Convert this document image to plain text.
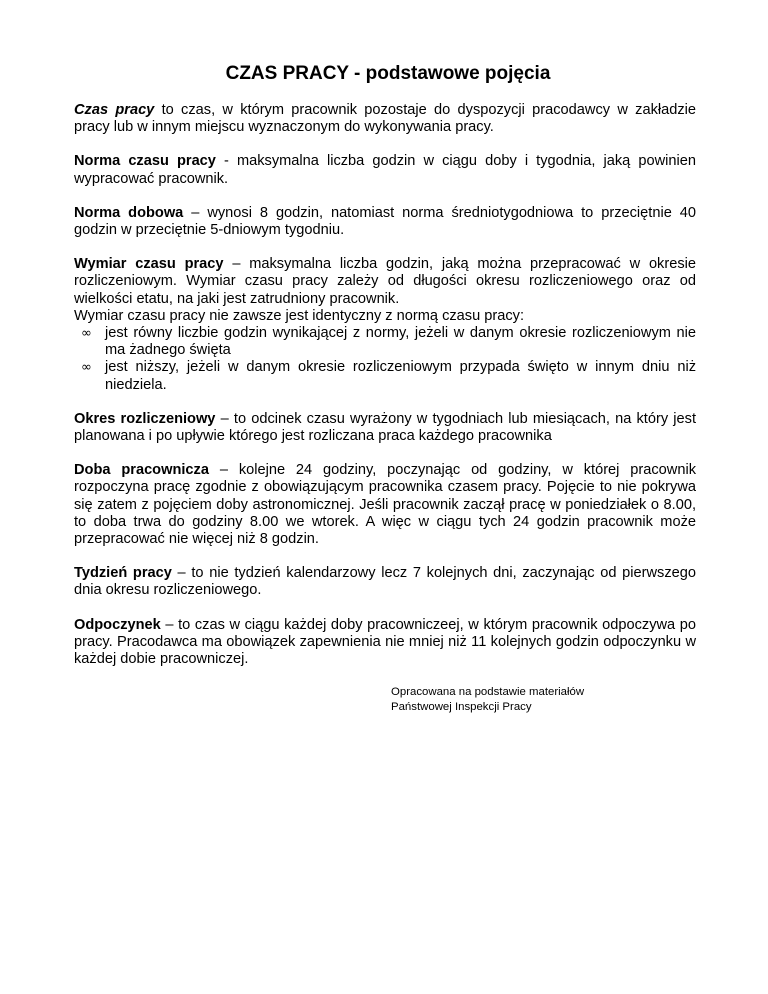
CZAS PRACY - podstawowe pojęcia

Czas pracy to czas, w którym pracownik pozostaje do dyspozycji pracodawcy w zakładzie pracy lub w innym miejscu wyznaczonym do wykonywania pracy.

Norma czasu pracy - maksymalna liczba godzin w ciągu doby i tygodnia, jaką powinien wypracować pracownik.

Norma dobowa – wynosi 8 godzin, natomiast norma średniotygodniowa to przeciętnie 40 godzin w przeciętnie 5-dniowym tygodniu.

Wymiar czasu pracy – maksymalna liczba godzin, jaką można przepracować w okresie rozliczeniowym. Wymiar czasu pracy zależy od długości okresu rozliczeniowego oraz od wielkości etatu, na jaki jest zatrudniony pracownik.

Wymiar czasu pracy nie zawsze jest identyczny z normą czasu pracy:

∞ jest równy liczbie godzin wynikającej z normy, jeżeli w danym okresie rozliczeniowym nie ma żadnego święta
∞ jest niższy, jeżeli w danym okresie rozliczeniowym przypada święto w innym dniu niż niedziela.

Okres rozliczeniowy – to odcinek czasu wyrażony w tygodniach lub miesiącach, na który jest planowana i po upływie którego jest rozliczana praca każdego pracownika

Doba pracownicza – kolejne 24 godziny, poczynając od godziny, w której pracownik rozpoczyna pracę zgodnie z obowiązującym pracownika czasem pracy. Pojęcie to nie pokrywa się zatem z pojęciem doby astronomicznej. Jeśli pracownik zaczął pracę w poniedziałek o 8.00, to doba trwa do godziny 8.00 we wtorek. A więc w ciągu tych 24 godzin pracownik może przepracować nie więcej niż 8 godzin.

Tydzień pracy – to nie tydzień kalendarzowy lecz 7 kolejnych dni, zaczynając od pierwszego dnia okresu rozliczeniowego.

Odpoczynek – to czas w ciągu każdej doby pracowniczeej, w którym pracownik odpoczywa po pracy. Pracodawca ma obowiązek zapewnienia nie mniej niż 11 kolejnych godzin odpoczynku w każdej dobie pracowniczej.

Opracowana na podstawie materiałów
Państwowej Inspekcji Pracy
